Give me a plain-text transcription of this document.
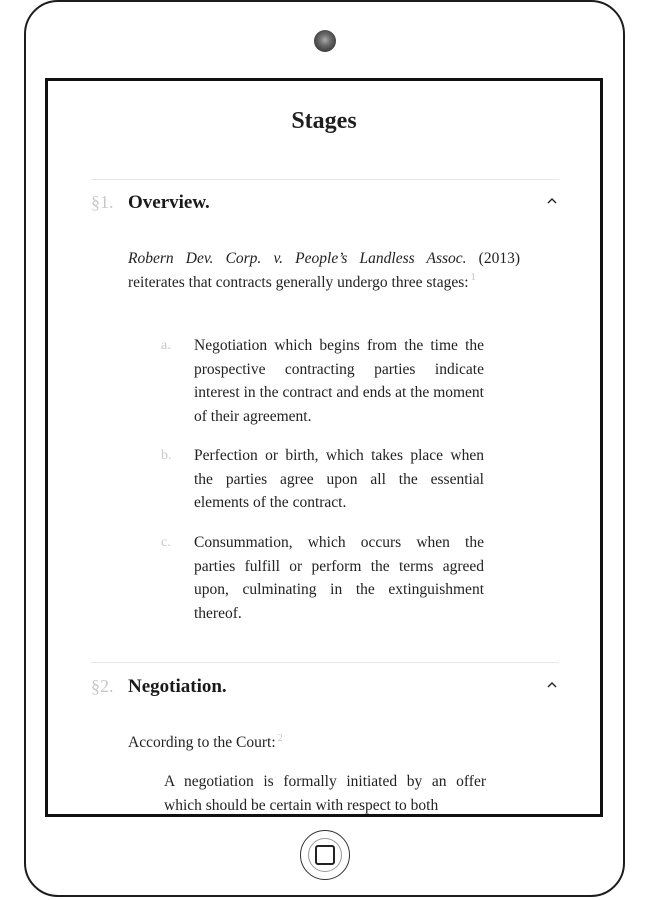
Stages
§1. Overview.
Robern Dev. Corp. v. People’s Landless Assoc. (2013) reiterates that contracts generally undergo three stages: $^1$
a. Negotiation which begins from the time the prospective contracting parties indicate interest in the contract and ends at the moment of their agreement.
b. Perfection or birth, which takes place when the parties agree upon all the essential elements of the contract.
c. Consummation, which occurs when the parties fulfill or perform the terms agreed upon, culminating in the extinguishment thereof.
§2. Negotiation.
According to the Court: $^2$
A negotiation is formally initiated by an offer which should be certain with respect to both
